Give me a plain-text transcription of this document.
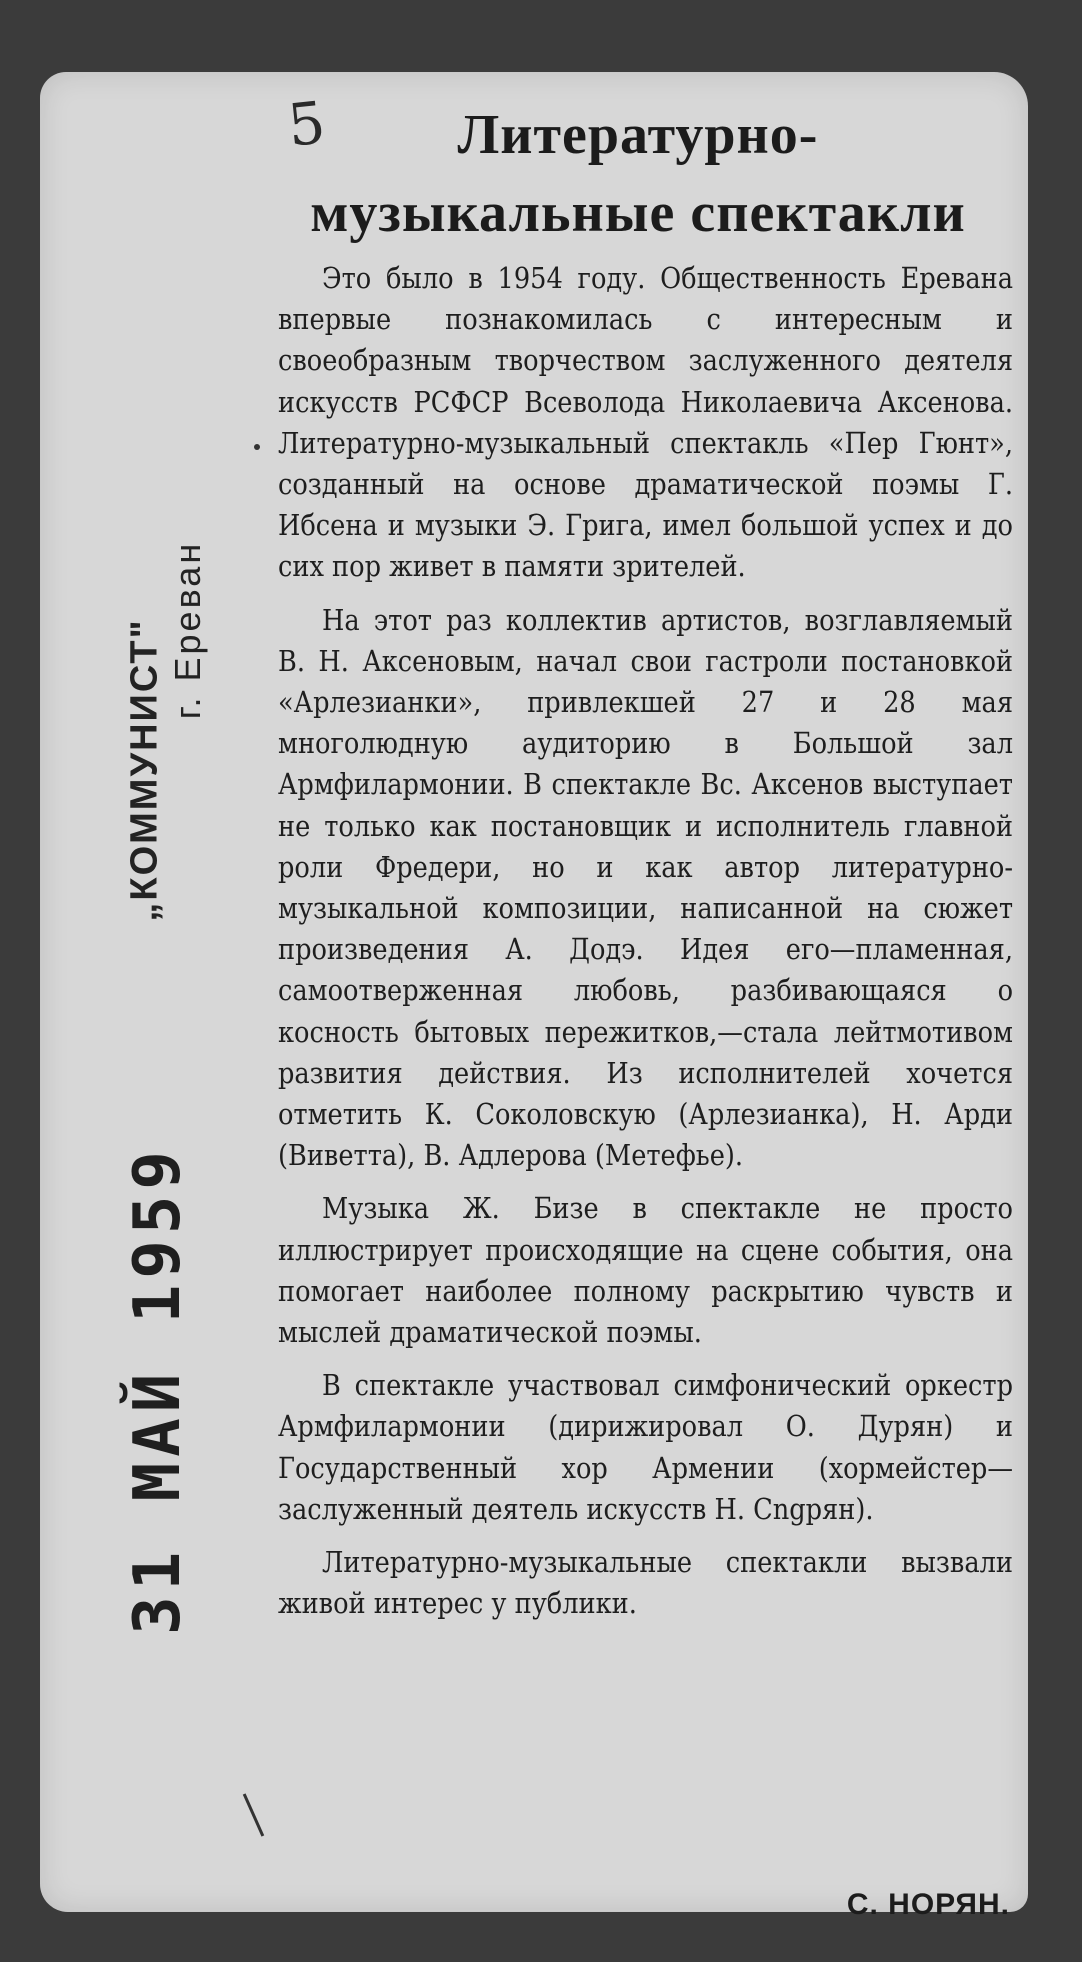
5	Литературно-
музыкальные спектакли

Это было в 1954 году. Общественность Еревана впервые познакомилась с интересным и своеобразным творчеством заслуженного деятеля искусств РСФСР Всеволода Николаевича Аксенова. Литературно-музыкальный спектакль «Пер Гюнт», созданный на основе драматической поэмы Г. Ибсена и музыки Э. Грига, имел большой успех и до сих пор живет в памяти зрителей.

На этот раз коллектив артистов, возглавляемый В. Н. Аксеновым, начал свои гастроли постановкой «Арлезианки», привлекшей 27 и 28 мая многолюдную аудиторию в Большой зал Армфилармонии. В спектакле Вс. Аксенов выступает не только как постановщик и исполнитель главной роли Фредери, но и как автор литературно-музыкальной композиции, написанной на сюжет произведения А. Додэ. Идея его—пламенная, самоотверженная любовь, разбивающаяся о косность бытовых пережитков,—стала лейтмотивом развития действия. Из исполнителей хочется отметить К. Соколовскую (Арлезианка), Н. Арди (Виветта), В. Адлерова (Метефье).

Музыка Ж. Бизе в спектакле не просто иллюстрирует происходящие на сцене события, она помогает наиболее полному раскрытию чувств и мыслей драматической поэмы.

В спектакле участвовал симфонический оркестр Армфилармонии (дирижировал О. Дурян) и Государственный хор Армении (хормейстер—заслуженный деятель искусств Н. Сngрян).

Литературно-музыкальные спектакли вызвали живой интерес у публики.

С. НОРЯН.
„КОММУНИСТ" г. Ереван
31 МАЙ 1959
